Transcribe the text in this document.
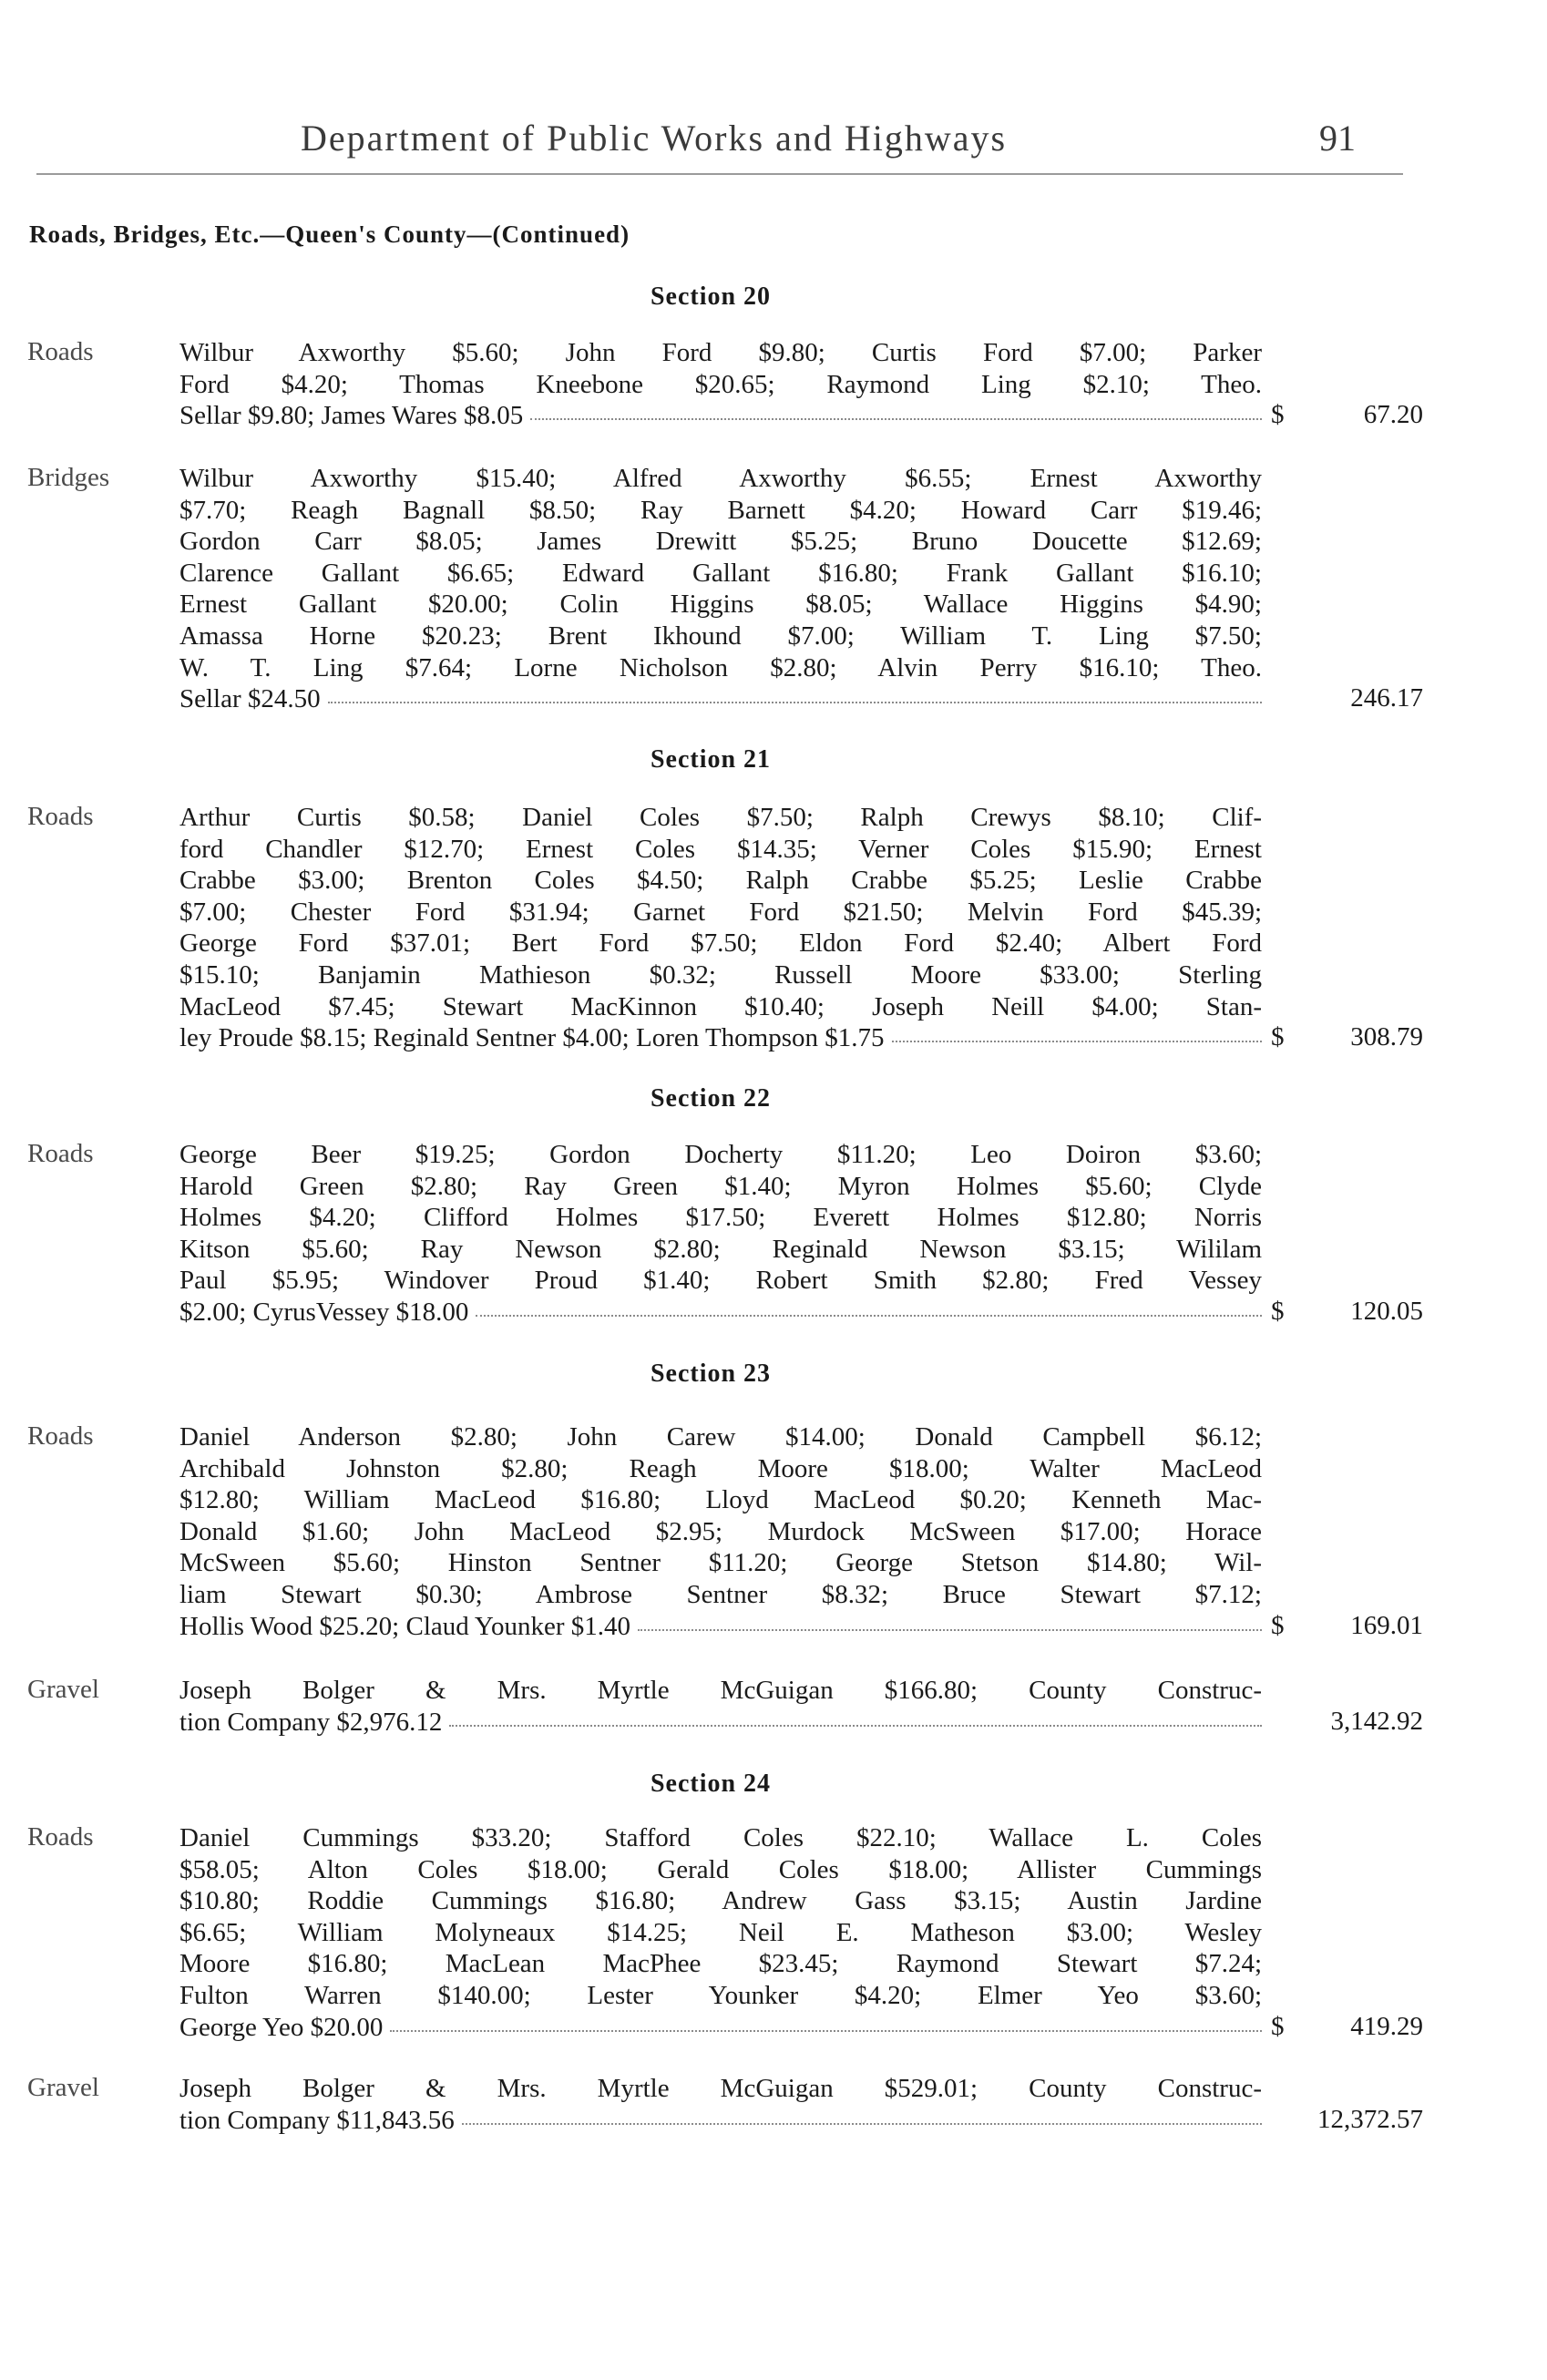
Department of Public Works and Highways	91
Roads, Bridges, Etc.—Queen's County—(Continued)
Section 20
Roads	Wilbur Axworthy $5.60; John Ford $9.80; Curtis Ford $7.00; Parker
Ford $4.20; Thomas Kneebone $20.65; Raymond Ling $2.10; Theo.
Sellar $9.80; James Wares $8.05	$	67.20
Bridges	Wilbur Axworthy $15.40; Alfred Axworthy $6.55; Ernest Axworthy
$7.70; Reagh Bagnall $8.50; Ray Barnett $4.20; Howard Carr $19.46;
Gordon Carr $8.05; James Drewitt $5.25; Bruno Doucette $12.69;
Clarence Gallant $6.65; Edward Gallant $16.80; Frank Gallant $16.10;
Ernest Gallant $20.00; Colin Higgins $8.05; Wallace Higgins $4.90;
Amassa Horne $20.23; Brent Ikhound $7.00; William T. Ling $7.50;
W. T. Ling $7.64; Lorne Nicholson $2.80; Alvin Perry $16.10; Theo.
Sellar $24.50	246.17
Section 21
Roads	Arthur Curtis $0.58; Daniel Coles $7.50; Ralph Crewys $8.10; Clif-
ford Chandler $12.70; Ernest Coles $14.35; Verner Coles $15.90; Ernest
Crabbe $3.00; Brenton Coles $4.50; Ralph Crabbe $5.25; Leslie Crabbe
$7.00; Chester Ford $31.94; Garnet Ford $21.50; Melvin Ford $45.39;
George Ford $37.01; Bert Ford $7.50; Eldon Ford $2.40; Albert Ford
$15.10; Banjamin Mathieson $0.32; Russell Moore $33.00; Sterling
MacLeod $7.45; Stewart MacKinnon $10.40; Joseph Neill $4.00; Stan-
ley Proude $8.15; Reginald Sentner $4.00; Loren Thompson $1.75	$	308.79
Section 22
Roads	George Beer $19.25; Gordon Docherty $11.20; Leo Doiron $3.60;
Harold Green $2.80; Ray Green $1.40; Myron Holmes $5.60; Clyde
Holmes $4.20; Clifford Holmes $17.50; Everett Holmes $12.80; Norris
Kitson $5.60; Ray Newson $2.80; Reginald Newson $3.15; Wililam
Paul $5.95; Windover Proud $1.40; Robert Smith $2.80; Fred Vessey
$2.00; CyrusVessey $18.00	$	120.05
Section 23
Roads	Daniel Anderson $2.80; John Carew $14.00; Donald Campbell $6.12;
Archibald Johnston $2.80; Reagh Moore $18.00; Walter MacLeod
$12.80; William MacLeod $16.80; Lloyd MacLeod $0.20; Kenneth Mac-
Donald $1.60; John MacLeod $2.95; Murdock McSween $17.00; Horace
McSween $5.60; Hinston Sentner $11.20; George Stetson $14.80; Wil-
liam Stewart $0.30; Ambrose Sentner $8.32; Bruce Stewart $7.12;
Hollis Wood $25.20; Claud Younker $1.40	$	169.01
Gravel	Joseph Bolger & Mrs. Myrtle McGuigan $166.80; County Construc-
tion Company $2,976.12	3,142.92
Section 24
Roads	Daniel Cummings $33.20; Stafford Coles $22.10; Wallace L. Coles
$58.05; Alton Coles $18.00; Gerald Coles $18.00; Allister Cummings
$10.80; Roddie Cummings $16.80; Andrew Gass $3.15; Austin Jardine
$6.65; William Molyneaux $14.25; Neil E. Matheson $3.00; Wesley
Moore $16.80; MacLean MacPhee $23.45; Raymond Stewart $7.24;
Fulton Warren $140.00; Lester Younker $4.20; Elmer Yeo $3.60;
George Yeo $20.00	$	419.29
Gravel	Joseph Bolger & Mrs. Myrtle McGuigan $529.01; County Construc-
tion Company $11,843.56	12,372.57
